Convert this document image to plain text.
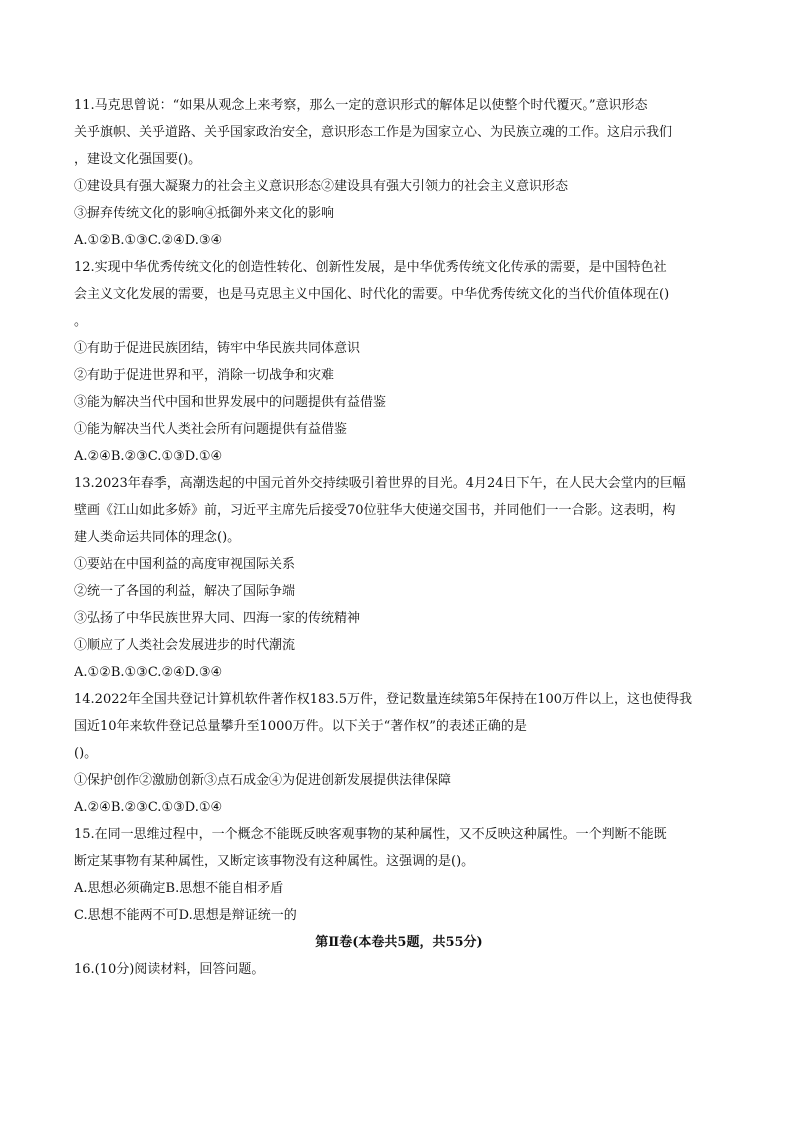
11.马克思曾说：“如果从观念上来考察，那么一定的意识形式的解体足以使整个时代覆灭。”意识形态
关乎旗帜、关乎道路、关乎国家政治安全，意识形态工作是为国家立心、为民族立魂的工作。这启示我们
，建设文化强国要()。
①建设具有强大凝聚力的社会主义意识形态②建设具有强大引领力的社会主义意识形态
③摒弃传统文化的影响④抵御外来文化的影响
A.①②B.①③C.②④D.③④
12.实现中华优秀传统文化的创造性转化、创新性发展，是中华优秀传统文化传承的需要，是中国特色社
会主义文化发展的需要，也是马克思主义中国化、时代化的需要。中华优秀传统文化的当代价值体现在()
。
①有助于促进民族团结，铸牢中华民族共同体意识
②有助于促进世界和平，消除一切战争和灾难
③能为解决当代中国和世界发展中的问题提供有益借鉴
①能为解决当代人类社会所有问题提供有益借鉴
A.②④B.②③C.①③D.①④
13.2023年春季，高潮迭起的中国元首外交持续吸引着世界的目光。4月24日下午，在人民大会堂内的巨幅
壁画《江山如此多娇》前，习近平主席先后接受70位驻华大使递交国书，并同他们一一合影。这表明，构
建人类命运共同体的理念()。
①要站在中国利益的高度审视国际关系
②统一了各国的利益，解决了国际争端
③弘扬了中华民族世界大同、四海一家的传统精神
①顺应了人类社会发展进步的时代潮流
A.①②B.①③C.②④D.③④
14.2022年全国共登记计算机软件著作权183.5万件，登记数量连续第5年保持在100万件以上，这也使得我
国近10年来软件登记总量攀升至1000万件。以下关于“著作权”的表述正确的是
()。
①保护创作②激励创新③点石成金④为促进创新发展提供法律保障
A.②④B.②③C.①③D.①④
15.在同一思维过程中，一个概念不能既反映客观事物的某种属性，又不反映这种属性。一个判断不能既
断定某事物有某种属性，又断定该事物没有这种属性。这强调的是()。
A.思想必须确定B.思想不能自相矛盾
C.思想不能两不可D.思想是辩证统一的
第Ⅱ卷(本卷共5题，共55分)
16.(10分)阅读材料，回答问题。
